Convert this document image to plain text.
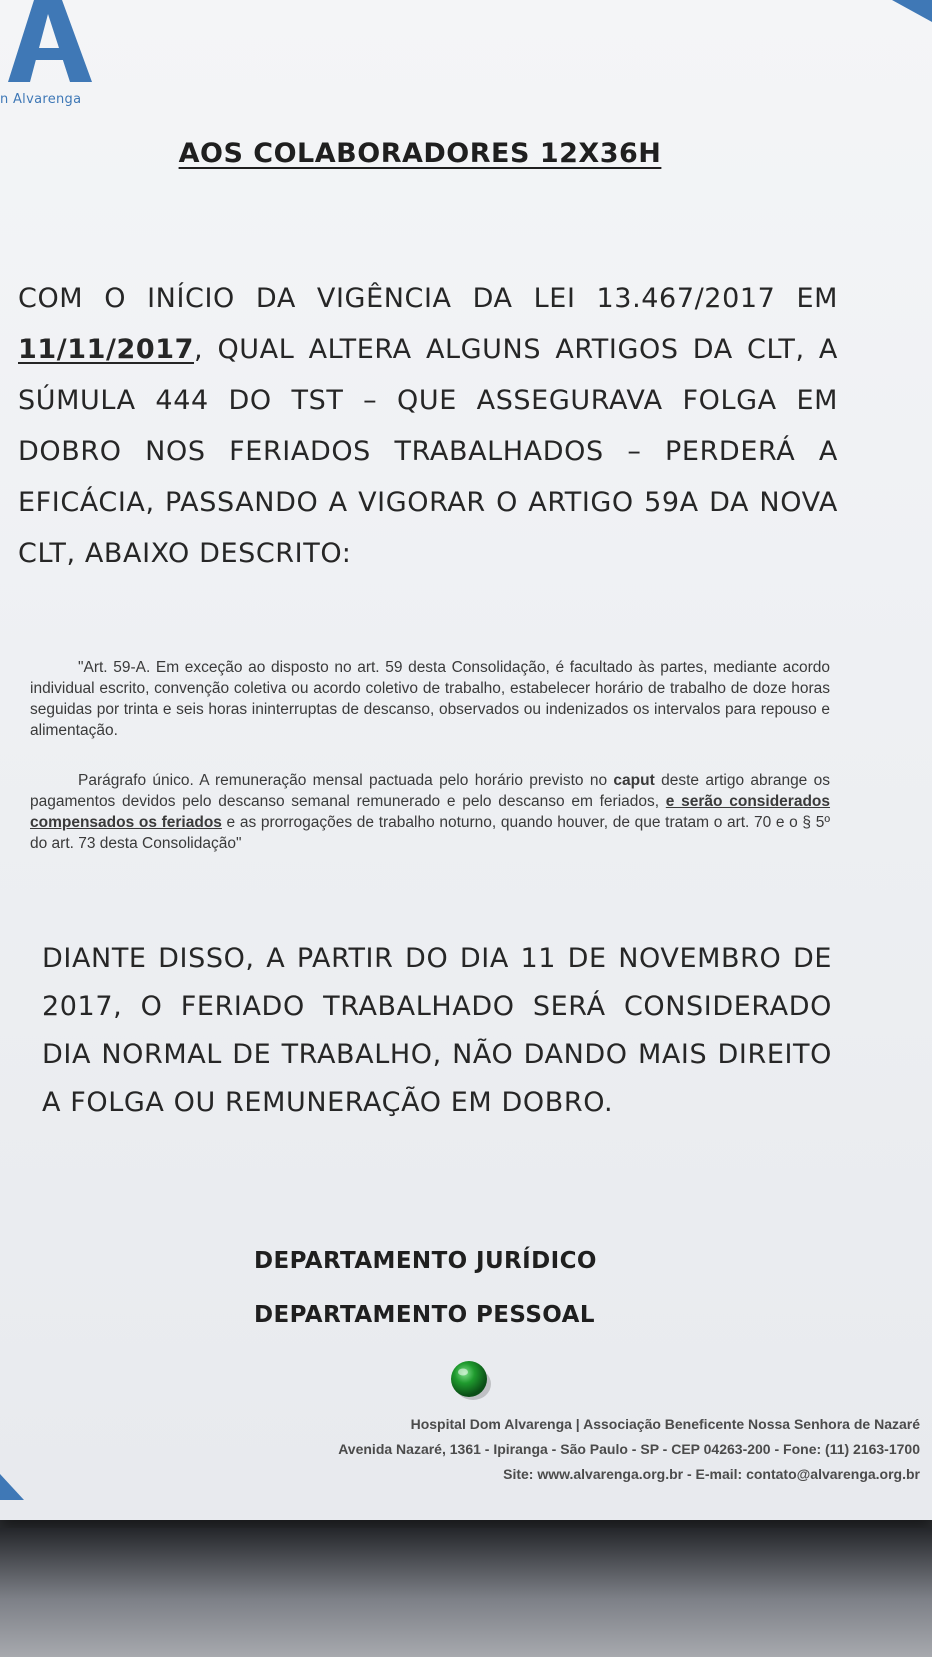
n Alvarenga
AOS COLABORADORES 12X36H
COM O INÍCIO DA VIGÊNCIA DA LEI 13.467/2017 EM 11/11/2017, QUAL ALTERA ALGUNS ARTIGOS DA CLT, A SÚMULA 444 DO TST – QUE ASSEGURAVA FOLGA EM DOBRO NOS FERIADOS TRABALHADOS – PERDERÁ A EFICÁCIA, PASSANDO A VIGORAR O ARTIGO 59A DA NOVA CLT, ABAIXO DESCRITO:
"Art. 59-A. Em exceção ao disposto no art. 59 desta Consolidação, é facultado às partes, mediante acordo individual escrito, convenção coletiva ou acordo coletivo de trabalho, estabelecer horário de trabalho de doze horas seguidas por trinta e seis horas ininterruptas de descanso, observados ou indenizados os intervalos para repouso e alimentação.
Parágrafo único. A remuneração mensal pactuada pelo horário previsto no caput deste artigo abrange os pagamentos devidos pelo descanso semanal remunerado e pelo descanso em feriados, e serão considerados compensados os feriados e as prorrogações de trabalho noturno, quando houver, de que tratam o art. 70 e o § 5º do art. 73 desta Consolidação"
DIANTE DISSO, A PARTIR DO DIA 11 DE NOVEMBRO DE 2017, O FERIADO TRABALHADO SERÁ CONSIDERADO DIA NORMAL DE TRABALHO, NÃO DANDO MAIS DIREITO A FOLGA OU REMUNERAÇÃO EM DOBRO.
DEPARTAMENTO JURÍDICO
DEPARTAMENTO PESSOAL
Hospital Dom Alvarenga | Associação Beneficente Nossa Senhora de Nazaré
Avenida Nazaré, 1361 - Ipiranga - São Paulo - SP - CEP 04263-200 - Fone: (11) 2163-1700
Site: www.alvarenga.org.br - E-mail: contato@alvarenga.org.br
